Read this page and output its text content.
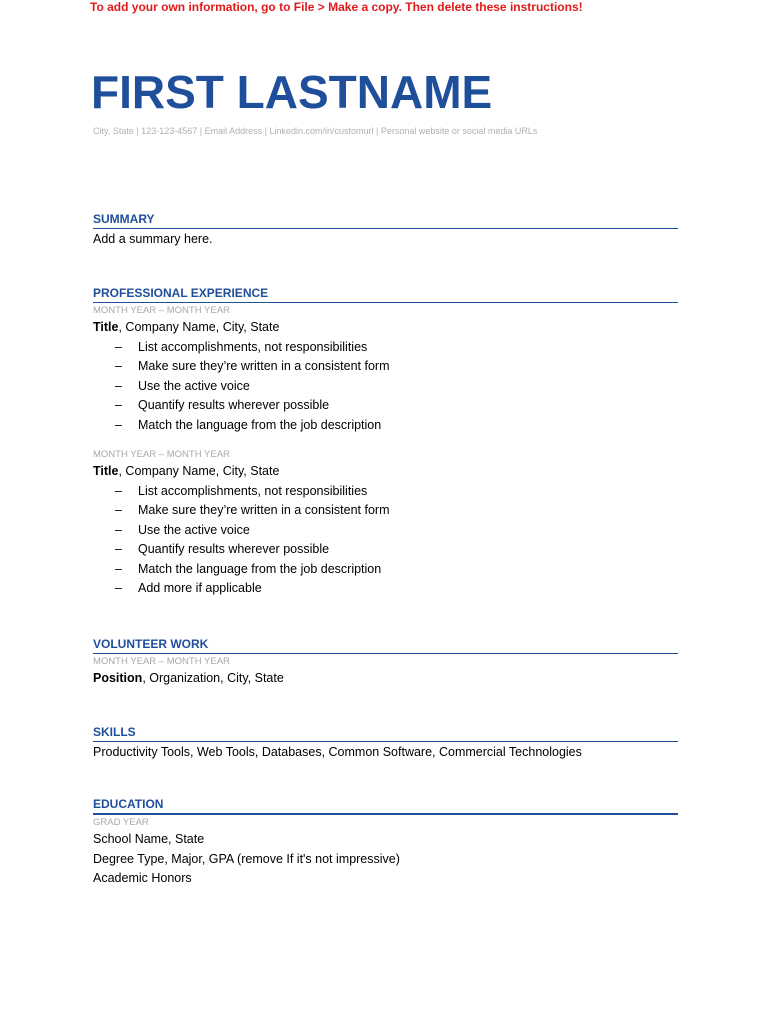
To add your own information, go to File > Make a copy. Then delete these instructions!
FIRST LASTNAME
City, State | 123-123-4567 | Email Address | Linkedin.com/in/customurl | Personal website or social media URLs
SUMMARY
Add a summary here.
PROFESSIONAL EXPERIENCE
MONTH YEAR – MONTH YEAR
Title, Company Name, City, State
– List accomplishments, not responsibilities
– Make sure they’re written in a consistent form
– Use the active voice
– Quantify results wherever possible
– Match the language from the job description
MONTH YEAR – MONTH YEAR
Title, Company Name, City, State
– List accomplishments, not responsibilities
– Make sure they’re written in a consistent form
– Use the active voice
– Quantify results wherever possible
– Match the language from the job description
– Add more if applicable
VOLUNTEER WORK
MONTH YEAR – MONTH YEAR
Position, Organization, City, State
SKILLS
Productivity Tools, Web Tools, Databases, Common Software, Commercial Technologies
EDUCATION
GRAD YEAR
School Name, State
Degree Type, Major, GPA (remove If it's not impressive)
Academic Honors
